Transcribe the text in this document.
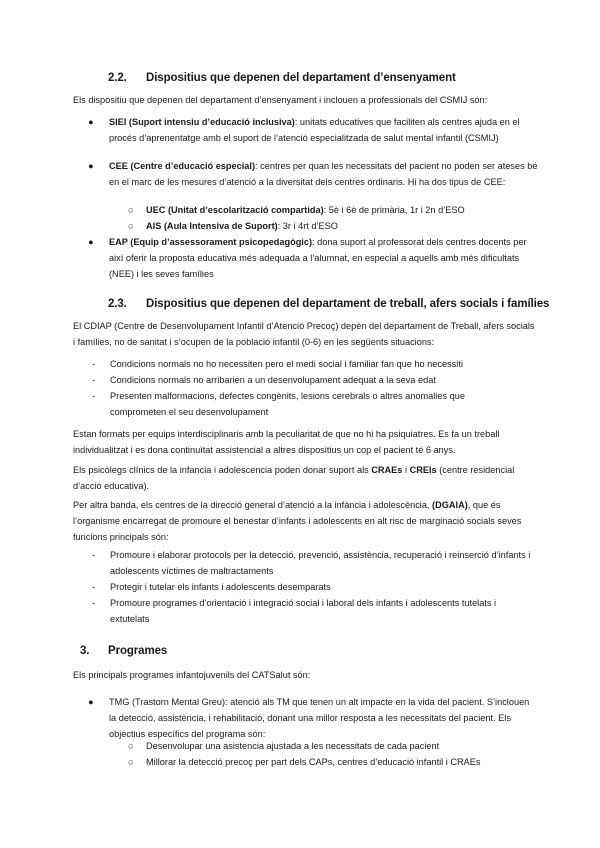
2.2. Dispositius que depenen del departament d’ensenyament
Els dispositiu que depenen del departament d’ensenyament i inclouen a professionals del CSMIJ són:
● SIEI (Suport intensiu d’educació inclusiva): unitats educatives que faciliten als centres ajuda en el procés d’aprenentatge amb el suport de l’atenció especialitzada de salut mental infantil (CSMIJ)
● CEE (Centre d’educació especial): centres per quan les necessitats del pacient no poden ser ateses bé en el marc de les mesures d’atenció a la diversitat dels centres ordinaris. Hi ha dos tipus de CEE:
○ UEC (Unitat d’escolarització compartida): 5è i 6è de primària, 1r i 2n d’ESO
○ AIS (Aula Intensiva de Suport): 3r i 4rt d’ESO
● EAP (Equip d’assessorament psicopedagògic): dona suport al professorat dels centres docents per així oferir la proposta educativa més adequada a l’alumnat, en especial a aquells amb més dificultats (NEE) i les seves famílies
2.3. Dispositius que depenen del departament de treball, afers socials i famílies
El CDIAP (Centre de Desenvolupament Infantil d’Atenció Precoç) depèn del departament de Treball, afers socials i famílies, no de sanitat i s’ocupen de la població infantil (0-6) en les següents situacions:
- Condicions normals no ho necessiten pero el medi social i familiar fan que ho necessiti
- Condicions normals no arribarien a un desenvolupament adequat a la seva edat
- Presenten malformacions, defectes congènits, lesions cerebrals o altres anomalies que comprometen el seu desenvolupament
Estan formats per equips interdisciplinaris amb la peculiaritat de que no hi ha psiquiatres. Es fa un treball individualitzat i es dona continuïtat assistencial a altres dispositius un cop el pacient té 6 anys.
Els psicòlegs clínics de la infancia i adolescencia poden donar suport als CRAEs i CREIs (centre residencial d’acció educativa).
Per altra banda, els centres de la direcció general d’atenció a la infància i adolescència, (DGAIA), que és l’organisme encarregat de promoure el benestar d’infants i adolescents en alt risc de marginació socials seves funcions principals són:
- Promoure i elaborar protocols per la detecció, prevenció, assistència, recuperació i reinserció d’infants i adolescents víctimes de maltractaments
- Protegir i tutelar els infants i adolescents desemparats
- Promoure programes d’orientació i integració social i laboral dels infants i adolescents tutelats i extutelats
3. Programes
Els principals programes infantojuvenils del CATSalut són:
● TMG (Trastorn Mental Greu): atenció als TM que tenen un alt impacte en la vida del pacient. S’inclouen la detecció, assistència, i rehabilitació, donant una millor resposta a les necessitats del pacient. Els objectius específics del programa són:
○ Desenvolupar una asistencia ajustada a les necessitats de cada pacient
○ Millorar la detecció precoç per part dels CAPs, centres d’educació infantil i CRAEs
